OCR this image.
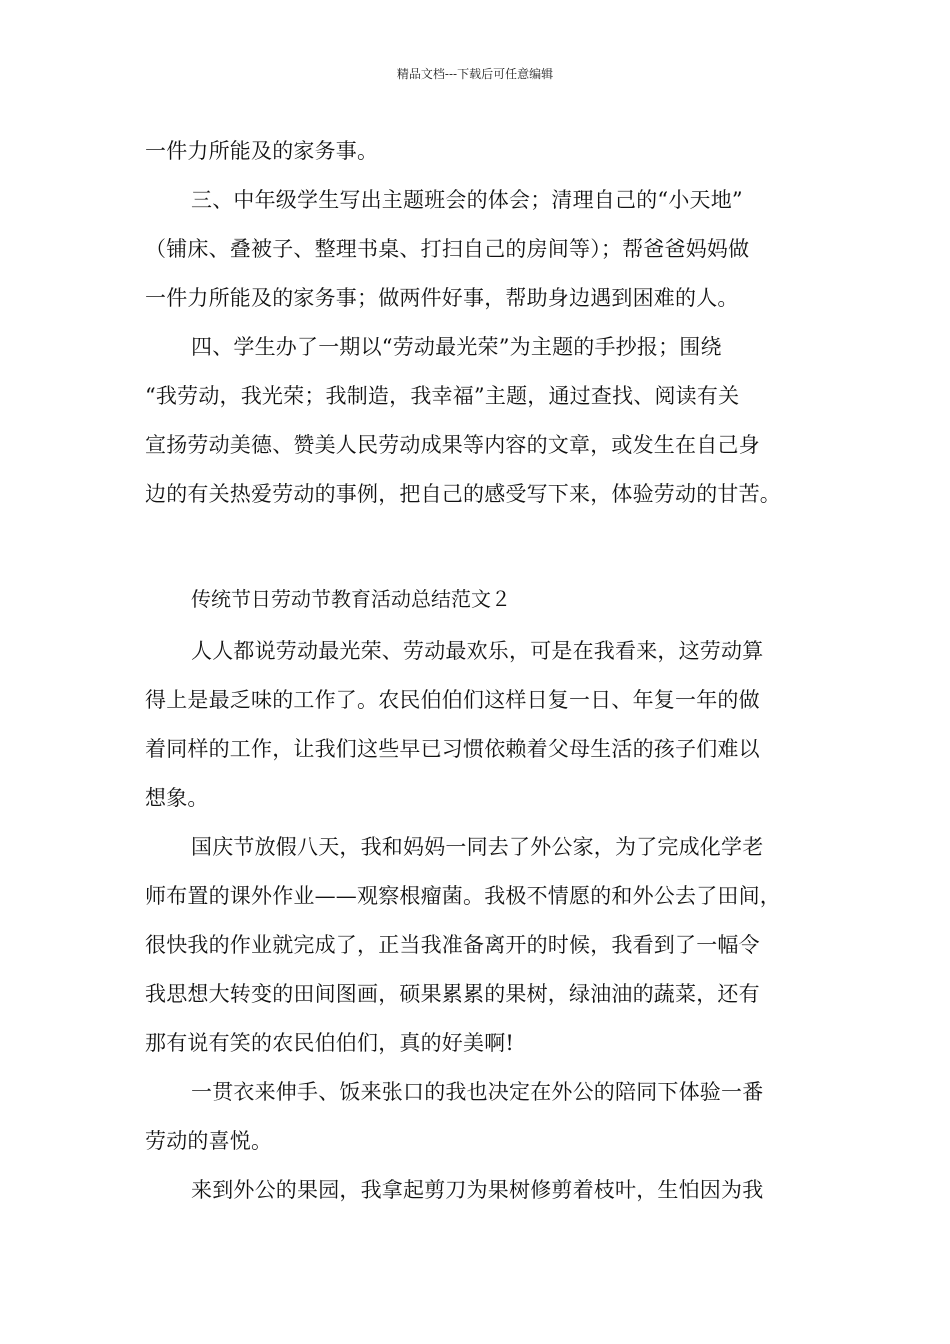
精品文档---下载后可任意编辑
一件力所能及的家务事。
三、中年级学生写出主题班会的体会；清理自己的“小天地”
（铺床、叠被子、整理书桌、打扫自己的房间等）；帮爸爸妈妈做
一件力所能及的家务事；做两件好事，帮助身边遇到困难的人。
四、学生办了一期以“劳动最光荣”为主题的手抄报；围绕
“我劳动，我光荣；我制造，我幸福”主题，通过查找、阅读有关
宣扬劳动美德、赞美人民劳动成果等内容的文章，或发生在自己身
边的有关热爱劳动的事例，把自己的感受写下来，体验劳动的甘苦。
传统节日劳动节教育活动总结范文２
人人都说劳动最光荣、劳动最欢乐，可是在我看来，这劳动算
得上是最乏味的工作了。农民伯伯们这样日复一日、年复一年的做
着同样的工作，让我们这些早已习惯依赖着父母生活的孩子们难以
想象。
国庆节放假八天，我和妈妈一同去了外公家，为了完成化学老
师布置的课外作业——观察根瘤菌。我极不情愿的和外公去了田间，
很快我的作业就完成了，正当我准备离开的时候，我看到了一幅令
我思想大转变的田间图画，硕果累累的果树，绿油油的蔬菜，还有
那有说有笑的农民伯伯们，真的好美啊!
一贯衣来伸手、饭来张口的我也决定在外公的陪同下体验一番
劳动的喜悦。
来到外公的果园，我拿起剪刀为果树修剪着枝叶，生怕因为我
